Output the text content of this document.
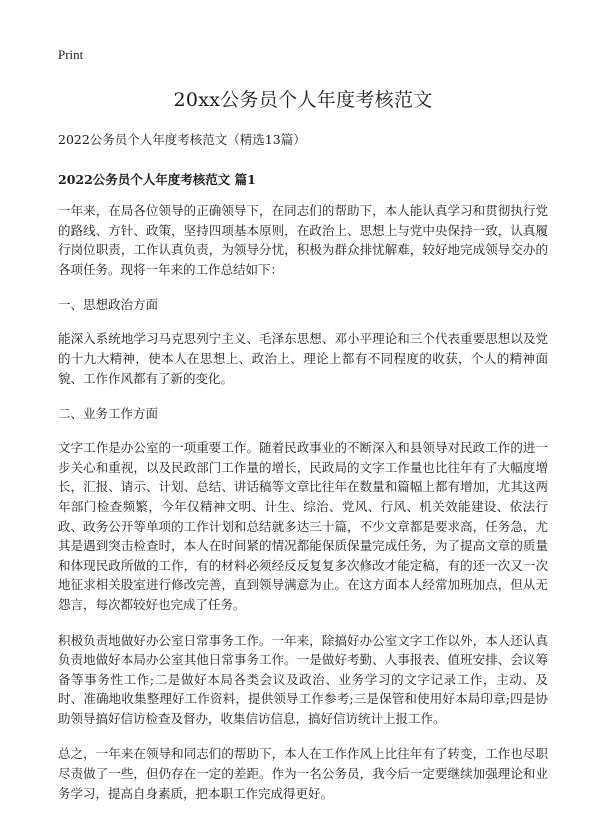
Print
20xx公务员个人年度考核范文
2022公务员个人年度考核范文（精选13篇）
2022公务员个人年度考核范文 篇1

一年来，在局各位领导的正确领导下，在同志们的帮助下，本人能认真学习和贯彻执行党的路线、方针、政策，坚持四项基本原则，在政治上、思想上与党中央保持一致，认真履行岗位职责，工作认真负责，为领导分忧，积极为群众排忧解难，较好地完成领导交办的各项任务。现将一年来的工作总结如下：

一、思想政治方面

能深入系统地学习马克思列宁主义、毛泽东思想、邓小平理论和三个代表重要思想以及党的十九大精神，使本人在思想上、政治上、理论上都有不同程度的收获，个人的精神面貌、工作作风都有了新的变化。

二、业务工作方面

文字工作是办公室的一项重要工作。随着民政事业的不断深入和县领导对民政工作的进一步关心和重视，以及民政部门工作量的增长，民政局的文字工作量也比往年有了大幅度增长，汇报、请示、计划、总结、讲话稿等文章比往年在数量和篇幅上都有增加，尤其这两年部门检查频繁，今年仅精神文明、计生、综治、党风、行风、机关效能建设、依法行政、政务公开等单项的工作计划和总结就多达三十篇，不少文章都是要求高，任务急，尤其是遇到突击检查时，本人在时间紧的情况都能保质保量完成任务，为了提高文章的质量和体现民政所做的工作，有的材料必须经反反复复多次修改才能定稿，有的还一次又一次地征求相关股室进行修改完善，直到领导满意为止。在这方面本人经常加班加点，但从无怨言，每次都较好也完成了任务。

积极负责地做好办公室日常事务工作。一年来，除搞好办公室文字工作以外，本人还认真负责地做好本局办公室其他日常事务工作。一是做好考勤、人事报表、值班安排、会议筹备等事务性工作;二是做好本局各类会议及政治、业务学习的文字记录工作，主动、及时、准确地收集整理好工作资料，提供领导工作参考;三是保管和使用好本局印章;四是协助领导搞好信访检查及督办，收集信访信息，搞好信访统计上报工作。

总之，一年来在领导和同志们的帮助下，本人在工作作风上比往年有了转变，工作也尽职尽责做了一些，但仍存在一定的差距。作为一名公务员，我今后一定要继续加强理论和业务学习，提高自身素质，把本职工作完成得更好。
